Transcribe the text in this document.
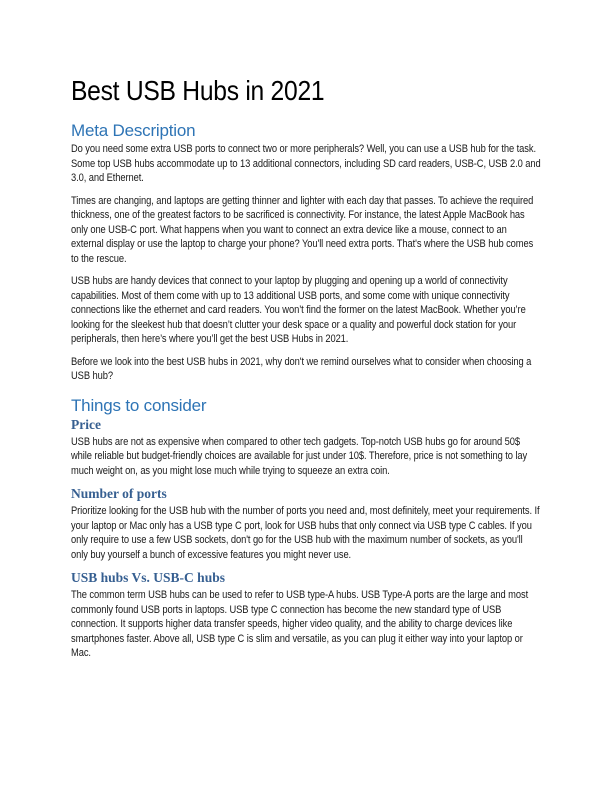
Best USB Hubs in 2021
Meta Description

Do you need some extra USB ports to connect two or more peripherals? Well, you can use a USB hub for the task. Some top USB hubs accommodate up to 13 additional connectors, including SD card readers, USB-C, USB 2.0 and 3.0, and Ethernet.

Times are changing, and laptops are getting thinner and lighter with each day that passes. To achieve the required thickness, one of the greatest factors to be sacrificed is connectivity. For instance, the latest Apple MacBook has only one USB-C port. What happens when you want to connect an extra device like a mouse, connect to an external display or use the laptop to charge your phone? You'll need extra ports. That's where the USB hub comes to the rescue.

USB hubs are handy devices that connect to your laptop by plugging and opening up a world of connectivity capabilities. Most of them come with up to 13 additional USB ports, and some come with unique connectivity connections like the ethernet and card readers. You won’t find the former on the latest MacBook. Whether you’re looking for the sleekest hub that doesn’t clutter your desk space or a quality and powerful dock station for your peripherals, then here’s where you’ll get the best USB Hubs in 2021.

Before we look into the best USB hubs in 2021, why don't we remind ourselves what to consider when choosing a USB hub?

Things to consider
Price

USB hubs are not as expensive when compared to other tech gadgets. Top-notch USB hubs go for around 50$ while reliable but budget-friendly choices are available for just under 10$. Therefore, price is not something to lay much weight on, as you might lose much while trying to squeeze an extra coin.

Number of ports

Prioritize looking for the USB hub with the number of ports you need and, most definitely, meet your requirements. If your laptop or Mac only has a USB type C port, look for USB hubs that only connect via USB type C cables. If you only require to use a few USB sockets, don't go for the USB hub with the maximum number of sockets, as you'll only buy yourself a bunch of excessive features you might never use.

USB hubs Vs. USB-C hubs

The common term USB hubs can be used to refer to USB type-A hubs. USB Type-A ports are the large and most commonly found USB ports in laptops. USB type C connection has become the new standard type of USB connection. It supports higher data transfer speeds, higher video quality, and the ability to charge devices like smartphones faster. Above all, USB type C is slim and versatile, as you can plug it either way into your laptop or Mac.
